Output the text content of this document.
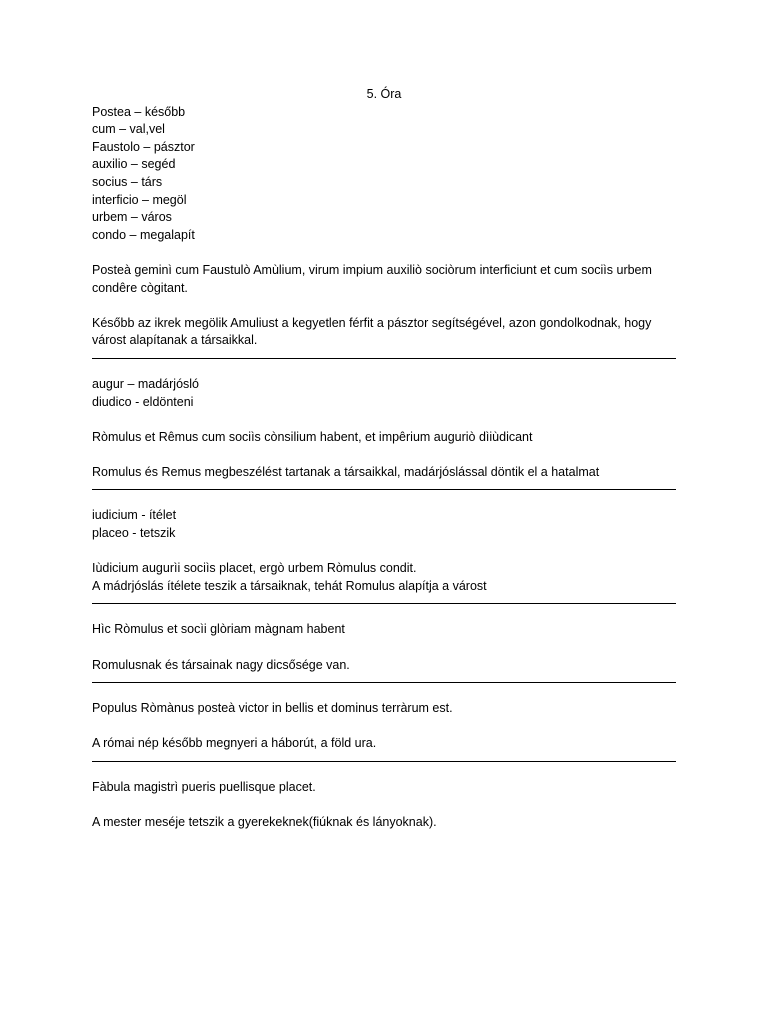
5. Óra
Postea – később
cum – val,vel
Faustolo – pásztor
auxilio – segéd
socius – társ
interficio – megöl
urbem – város
condo – megalapít

Posteà geminì cum Faustulò Amùlium, virum impium auxiliò sociòrum interficiunt et cum sociìs urbem condêre cògitant.

Később az ikrek megölik Amuliust a kegyetlen férfit a pásztor segítségével, azon gondolkodnak, hogy várost alapítanak a társaikkal.

augur – madárjósló
diudico - eldönteni

Ròmulus et Rêmus cum sociìs cònsilium habent, et impêrium auguriò dìiùdicant

Romulus és Remus megbeszélést tartanak a társaikkal, madárjóslással döntik el a hatalmat

iudicium - ítélet
placeo - tetszik

Iùdicium augurìi sociìs placet, ergò urbem Ròmulus condit.

A mádrjóslás ítélete teszik a társaiknak, tehát Romulus alapítja a várost

Hìc Ròmulus et socìi glòriam màgnam habent

Romulusnak és társainak nagy dicsősége van.

Populus Ròmànus posteà victor in bellis et dominus terràrum est.

A római nép később megnyeri a háborút, a föld ura.

Fàbula magistrì pueris puellisque placet.

A mester meséje tetszik a gyerekeknek(fiúknak és lányoknak).
